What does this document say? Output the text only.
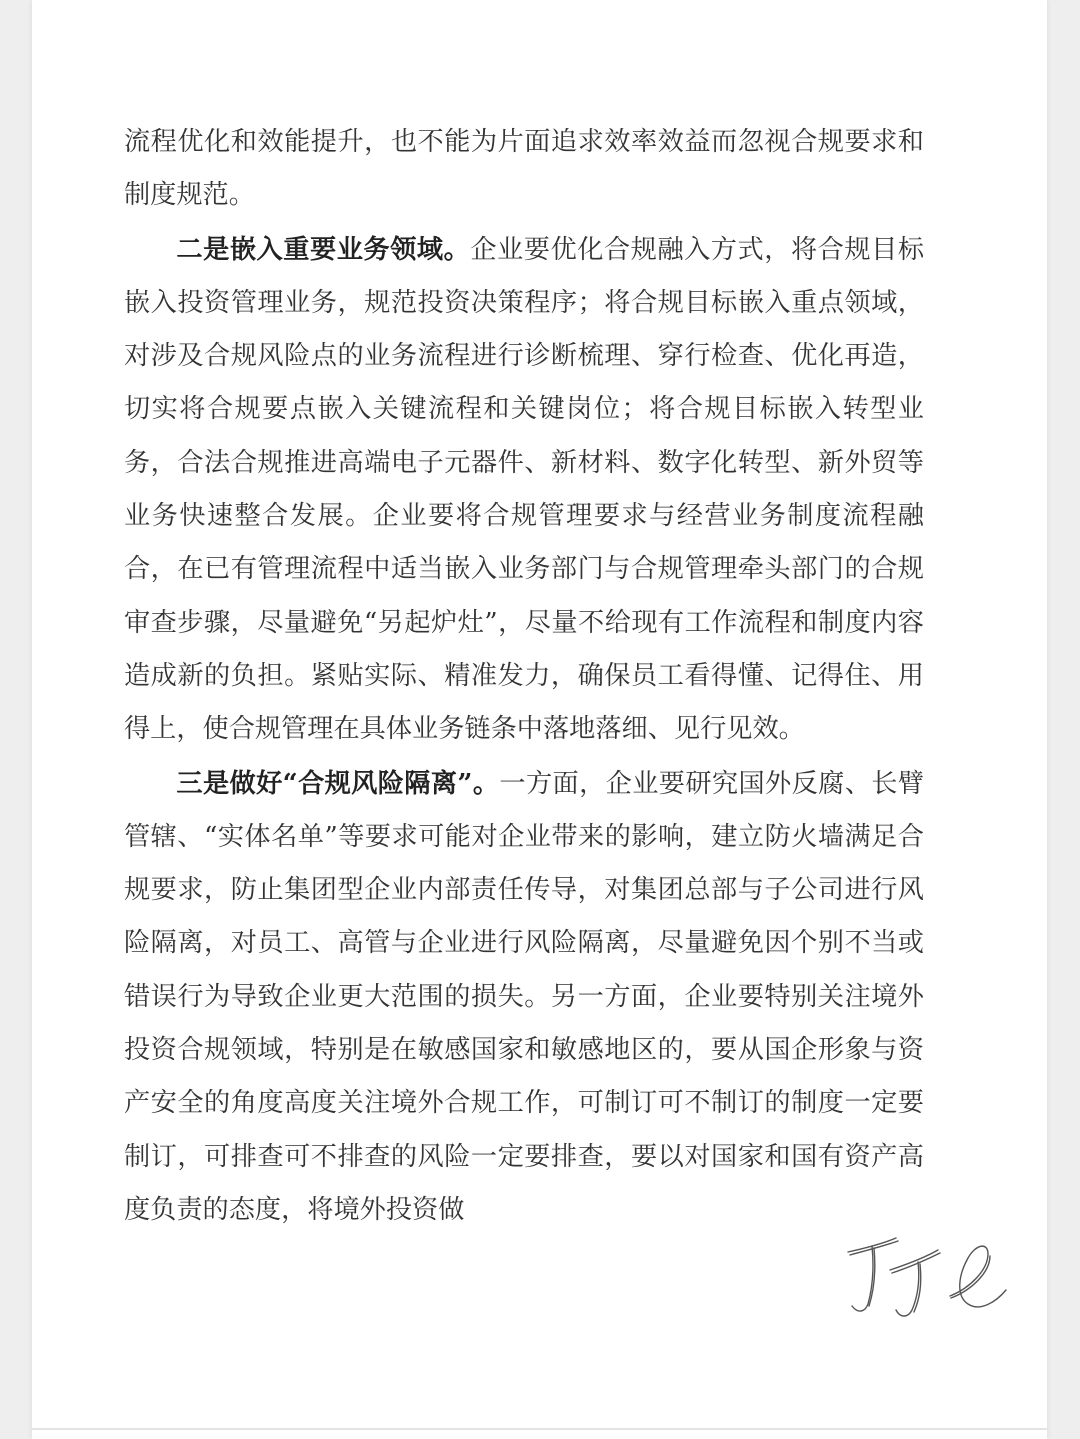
流程优化和效能提升，也不能为片面追求效率效益而忽视合规要求和制度规范。

二是嵌入重要业务领域。企业要优化合规融入方式，将合规目标嵌入投资管理业务，规范投资决策程序；将合规目标嵌入重点领域，对涉及合规风险点的业务流程进行诊断梳理、穿行检查、优化再造，切实将合规要点嵌入关键流程和关键岗位；将合规目标嵌入转型业务，合法合规推进高端电子元器件、新材料、数字化转型、新外贸等业务快速整合发展。企业要将合规管理要求与经营业务制度流程融合，在已有管理流程中适当嵌入业务部门与合规管理牵头部门的合规审查步骤，尽量避免“另起炉灶”，尽量不给现有工作流程和制度内容造成新的负担。紧贴实际、精准发力，确保员工看得懂、记得住、用得上，使合规管理在具体业务链条中落地落细、见行见效。

三是做好“合规风险隔离”。一方面，企业要研究国外反腐、长臂管辖、“实体名单”等要求可能对企业带来的影响，建立防火墙满足合规要求，防止集团型企业内部责任传导，对集团总部与子公司进行风险隔离，对员工、高管与企业进行风险隔离，尽量避免因个别不当或错误行为导致企业更大范围的损失。另一方面，企业要特别关注境外投资合规领域，特别是在敏感国家和敏感地区的，要从国企形象与资产安全的角度高度关注境外合规工作，可制订可不制订的制度一定要制订，可排查可不排查的风险一定要排查，要以对国家和国有资产高度负责的态度，将境外投资做
